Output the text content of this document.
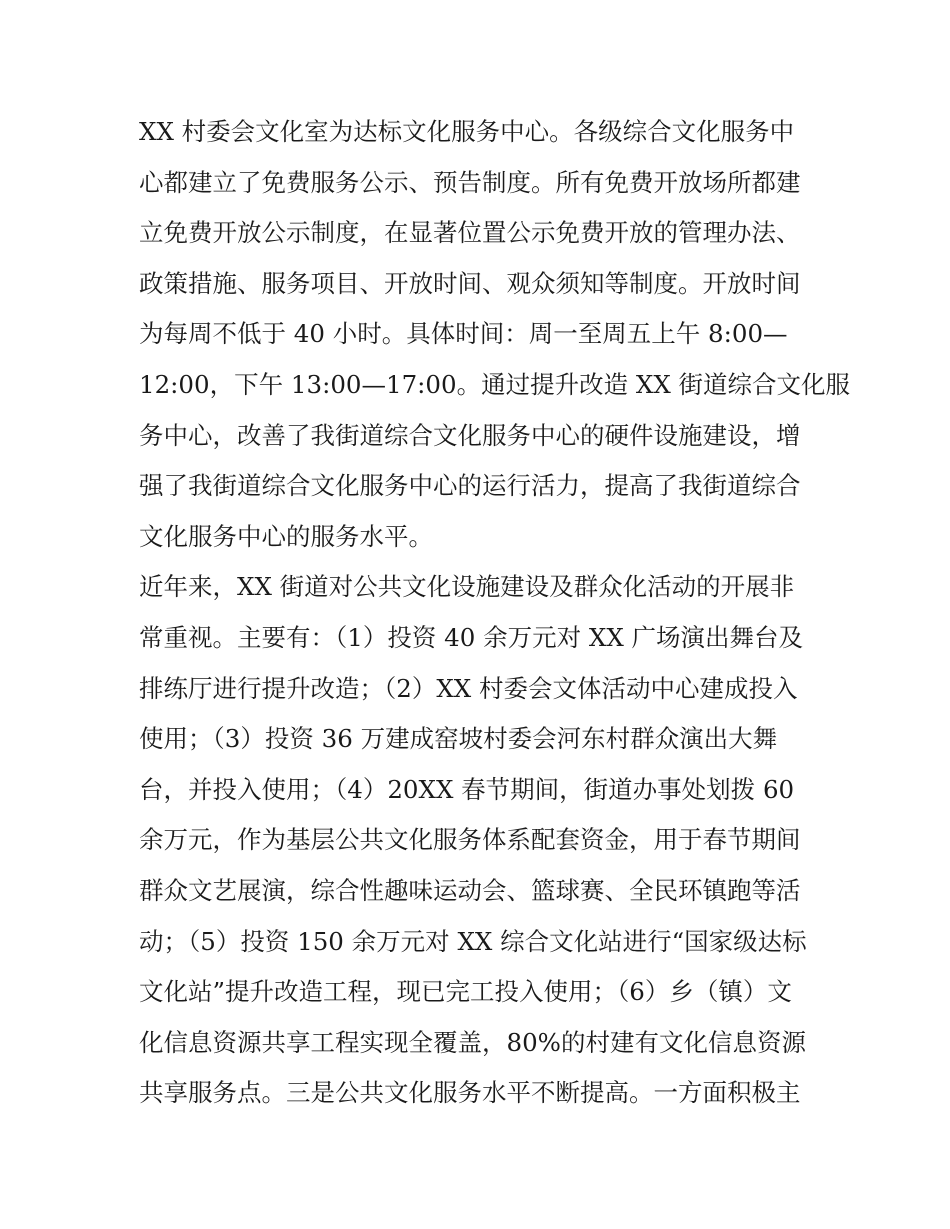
XX 村委会文化室为达标文化服务中心。各级综合文化服务中
心都建立了免费服务公示、预告制度。所有免费开放场所都建
立免费开放公示制度，在显著位置公示免费开放的管理办法、
政策措施、服务项目、开放时间、观众须知等制度。开放时间
为每周不低于 40 小时。具体时间：周一至周五上午 8:00—
12:00，下午 13:00—17:00。通过提升改造 XX 街道综合文化服
务中心，改善了我街道综合文化服务中心的硬件设施建设，增
强了我街道综合文化服务中心的运行活力，提高了我街道综合
文化服务中心的服务水平。
近年来，XX 街道对公共文化设施建设及群众化活动的开展非
常重视。主要有：（1）投资 40 余万元对 XX 广场演出舞台及
排练厅进行提升改造；（2）XX 村委会文体活动中心建成投入
使用；（3）投资 36 万建成窑坡村委会河东村群众演出大舞
台，并投入使用；（4）20XX 春节期间，街道办事处划拨 60
余万元，作为基层公共文化服务体系配套资金，用于春节期间
群众文艺展演，综合性趣味运动会、篮球赛、全民环镇跑等活
动；（5）投资 150 余万元对 XX 综合文化站进行“国家级达标
文化站”提升改造工程，现已完工投入使用；（6）乡（镇）文
化信息资源共享工程实现全覆盖，80%的村建有文化信息资源
共享服务点。三是公共文化服务水平不断提高。一方面积极主
